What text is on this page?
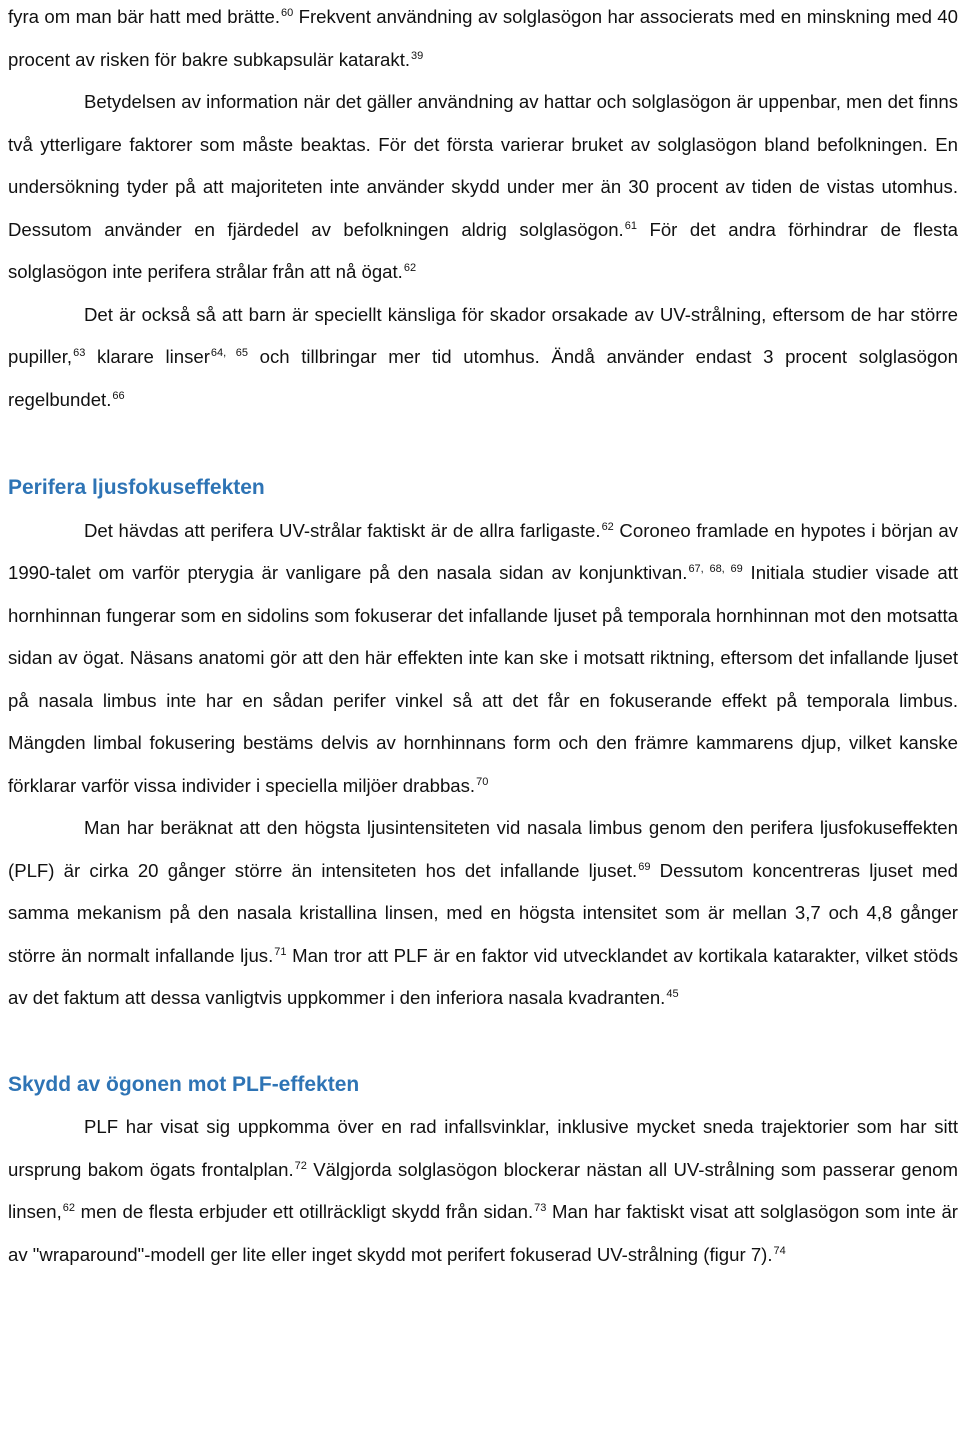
fyra om man bär hatt med brätte.$^{60}$ Frekvent användning av solglasögon har associerats med en minskning med 40 procent av risken för bakre subkapsulär katarakt.$^{39}$

Betydelsen av information när det gäller användning av hattar och solglasögon är uppenbar, men det finns två ytterligare faktorer som måste beaktas. För det första varierar bruket av solglasögon bland befolkningen. En undersökning tyder på att majoriteten inte använder skydd under mer än 30 procent av tiden de vistas utomhus. Dessutom använder en fjärdedel av befolkningen aldrig solglasögon.$^{61}$ För det andra förhindrar de flesta solglasögon inte perifera strålar från att nå ögat.$^{62}$

Det är också så att barn är speciellt känsliga för skador orsakade av UV-strålning, eftersom de har större pupiller,$^{63}$ klarare linser$^{64, 65}$ och tillbringar mer tid utomhus. Ändå använder endast 3 procent solglasögon regelbundet.$^{66}$

Perifera ljusfokuseffekten

Det hävdas att perifera UV-strålar faktiskt är de allra farligaste.$^{62}$ Coroneo framlade en hypotes i början av 1990-talet om varför pterygia är vanligare på den nasala sidan av konjunktivan.$^{67, 68, 69}$ Initiala studier visade att hornhinnan fungerar som en sidolins som fokuserar det infallande ljuset på temporala hornhinnan mot den motsatta sidan av ögat. Näsans anatomi gör att den här effekten inte kan ske i motsatt riktning, eftersom det infallande ljuset på nasala limbus inte har en sådan perifer vinkel så att det får en fokuserande effekt på temporala limbus. Mängden limbal fokusering bestäms delvis av hornhinnans form och den främre kammarens djup, vilket kanske förklarar varför vissa individer i speciella miljöer drabbas.$^{70}$

Man har beräknat att den högsta ljusintensiteten vid nasala limbus genom den perifera ljusfokuseffekten (PLF) är cirka 20 gånger större än intensiteten hos det infallande ljuset.$^{69}$ Dessutom koncentreras ljuset med samma mekanism på den nasala kristallina linsen, med en högsta intensitet som är mellan 3,7 och 4,8 gånger större än normalt infallande ljus.$^{71}$ Man tror att PLF är en faktor vid utvecklandet av kortikala katarakter, vilket stöds av det faktum att dessa vanligtvis uppkommer i den inferiora nasala kvadranten.$^{45}$

Skydd av ögonen mot PLF-effekten

PLF har visat sig uppkomma över en rad infallsvinklar, inklusive mycket sneda trajektorier som har sitt ursprung bakom ögats frontalplan.$^{72}$ Välgjorda solglasögon blockerar nästan all UV-strålning som passerar genom linsen,$^{62}$ men de flesta erbjuder ett otillräckligt skydd från sidan.$^{73}$ Man har faktiskt visat att solglasögon som inte är av "wraparound"-modell ger lite eller inget skydd mot perifert fokuserad UV-strålning (figur 7).$^{74}$
